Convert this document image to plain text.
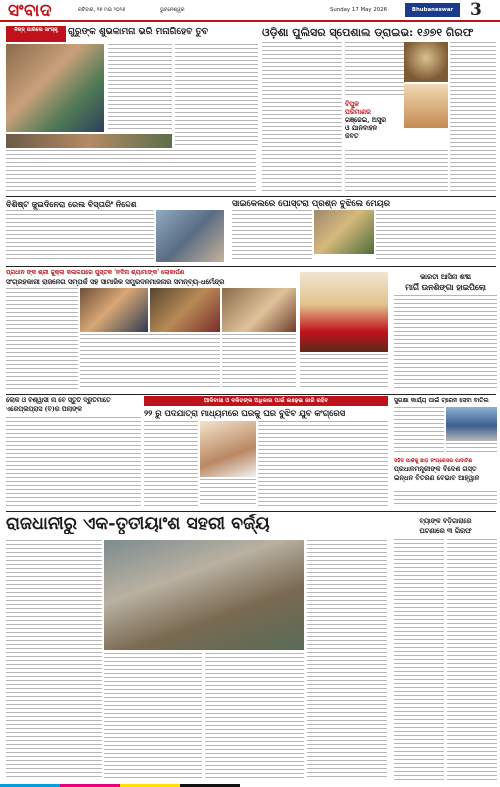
ସଂବାଦ	ରବିବାର, ୧୭ ମଇ ୨୦୨୬	ଭୁବନେଶ୍ୱର	Sunday 17 May 2026	Bhubaneswar 3
ନିଜ୍ଜ୍ ପାରିଲେ ସାଂସ୍କୃ	ଗୁରୁଙ୍କ ଶୁଭକାମନା ଭରି ମନାଗିହେବ ତୁବ	ଓଡ଼ିଶା ପୁଲିସର ସ୍ପେଶାଲ ଡ୍ରାଇଭ: ୧୬୭୧ ଗିରଫ
ବିପୁଳ
ପରିମାଣର
ଗଞ୍ଜେଇ, ଅସ୍ତ୍ର
ଓ ଯାନବାହନ
ଜବତ
ବିଶିଷ୍ଟ ଜୁଇଦିନେରା ରେଲ ବିସ୍ତାରିଂ ନିଦ୍ଦେଶ	ସାଇକେଲରେ ପୋସ୍ଟରା ପ୍ରଶ୍ନ ବୁଝିଲେ ମେୟର
ପ୍ରଧାନ ଙ୍କ ଶ୍ରୀ ଜୁକ୍ଲା କଳାଳଯରେ ପୁସ୍ତକ 'ନଦିନା ଶ୍ୟାମାଙ୍କ' ଲୋକାର୍ପଣ
ସଂଗ୍ରହକାରୀ ରାଜନେଗ ସମ୍ପର୍କ ସହ ସାମାଜିକ ସମ୍ପ୍ରଦନମାଜନାର ସମନ୍ବ୍ୟ-ଧର୍ମେନ୍ଦ୍ର
ଭାରତୀ ଆସିନା ଶବ୍ଦୀ
ମାର୍ଗି ଉନଶିଙ୍ଗା ହାଇପିଲୋ
ଲୋକ ଓ ବିଶ୍ୱାସୀ ନା ବେ ସ୍ତୁତି ଦ୍ରୁତିମାତେ
ଏରେପ୍ଲିପ୍ରାସ (ବି)ର ପିଲାଙ୍କ
ଆଦିବାସୀ ଓ ଦଳିତଙ୍କ ଅଧିକାର ପାଇଁ ଲଢ଼େଇ ଜାରି ରହିବ
୨୨ ରୁ ପଦଯାତ୍ରା ମାଧ୍ୟମରେ ଘରକୁ ଘର ବୁଝିବ ଯୁବ କଂଗ୍ରେସ
ସୁରକ୍ଷା କାର୍ଯ୍ୟ ପାଇଁ ଟ୍ରେନ ସେବା ବାତିଲ
ସହିଦ ପାର୍କକୁ ଛାଡ଼ ନଂଗ୍ରେସର ପାଦାଟିଣ
ପ୍ରଧାନମନ୍ତ୍ରୀଙ୍କ ବିଦେଶ ଗସ୍ତ
ଇନ୍ଧନ ବିତରଣ ବେଭାବ ଆହ୍ୱାନ
ରାଜଧାନୀରୁ ଏକ-ତୃତୀୟାଂଶ ସହରୀ ବର୍ଜ୍ୟ	ବ୍ୟାଙ୍କ ବଡ଼ିଗାରାରେ
ଘଟଣାରେ ୩ ଗିରଫ
